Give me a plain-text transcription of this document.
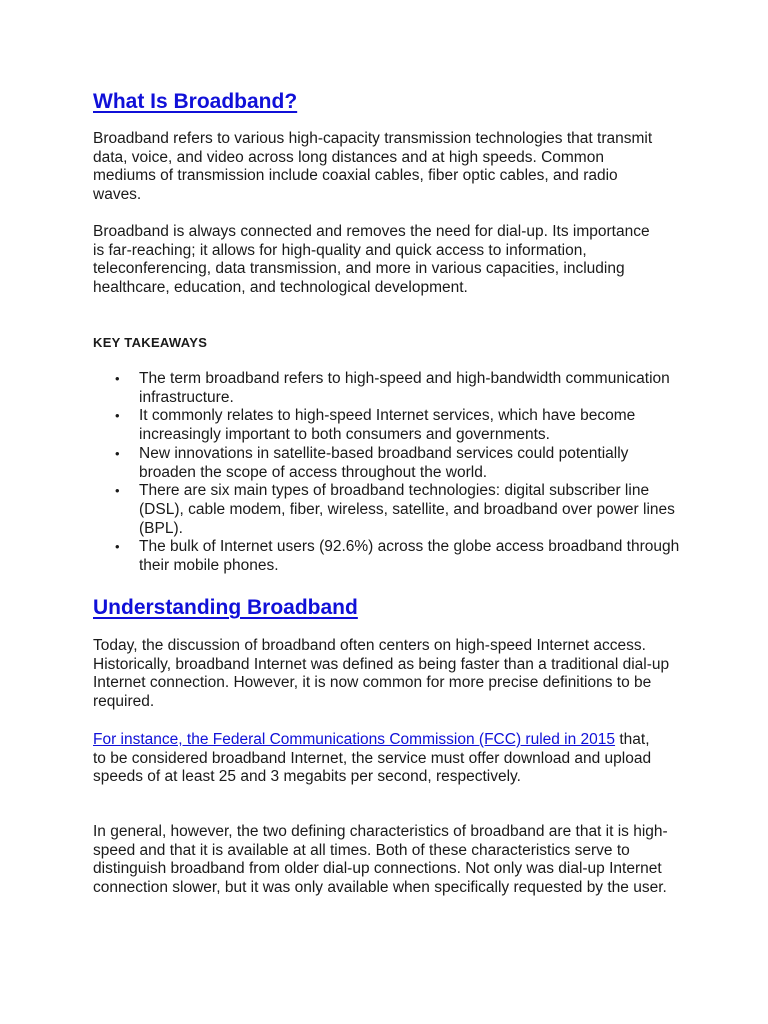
What Is Broadband?

Broadband refers to various high-capacity transmission technologies that transmit data, voice, and video across long distances and at high speeds. Common mediums of transmission include coaxial cables, fiber optic cables, and radio waves.

Broadband is always connected and removes the need for dial-up. Its importance is far-reaching; it allows for high-quality and quick access to information, teleconferencing, data transmission, and more in various capacities, including healthcare, education, and technological development.

KEY TAKEAWAYS
• The term broadband refers to high-speed and high-bandwidth communication infrastructure.
• It commonly relates to high-speed Internet services, which have become increasingly important to both consumers and governments.
• New innovations in satellite-based broadband services could potentially broaden the scope of access throughout the world.
• There are six main types of broadband technologies: digital subscriber line (DSL), cable modem, fiber, wireless, satellite, and broadband over power lines (BPL).
• The bulk of Internet users (92.6%) across the globe access broadband through their mobile phones.
Understanding Broadband

Today, the discussion of broadband often centers on high-speed Internet access. Historically, broadband Internet was defined as being faster than a traditional dial-up Internet connection. However, it is now common for more precise definitions to be required.

For instance, the Federal Communications Commission (FCC) ruled in 2015 that, to be considered broadband Internet, the service must offer download and upload speeds of at least 25 and 3 megabits per second, respectively.

In general, however, the two defining characteristics of broadband are that it is high-speed and that it is available at all times. Both of these characteristics serve to distinguish broadband from older dial-up connections. Not only was dial-up Internet connection slower, but it was only available when specifically requested by the user.
